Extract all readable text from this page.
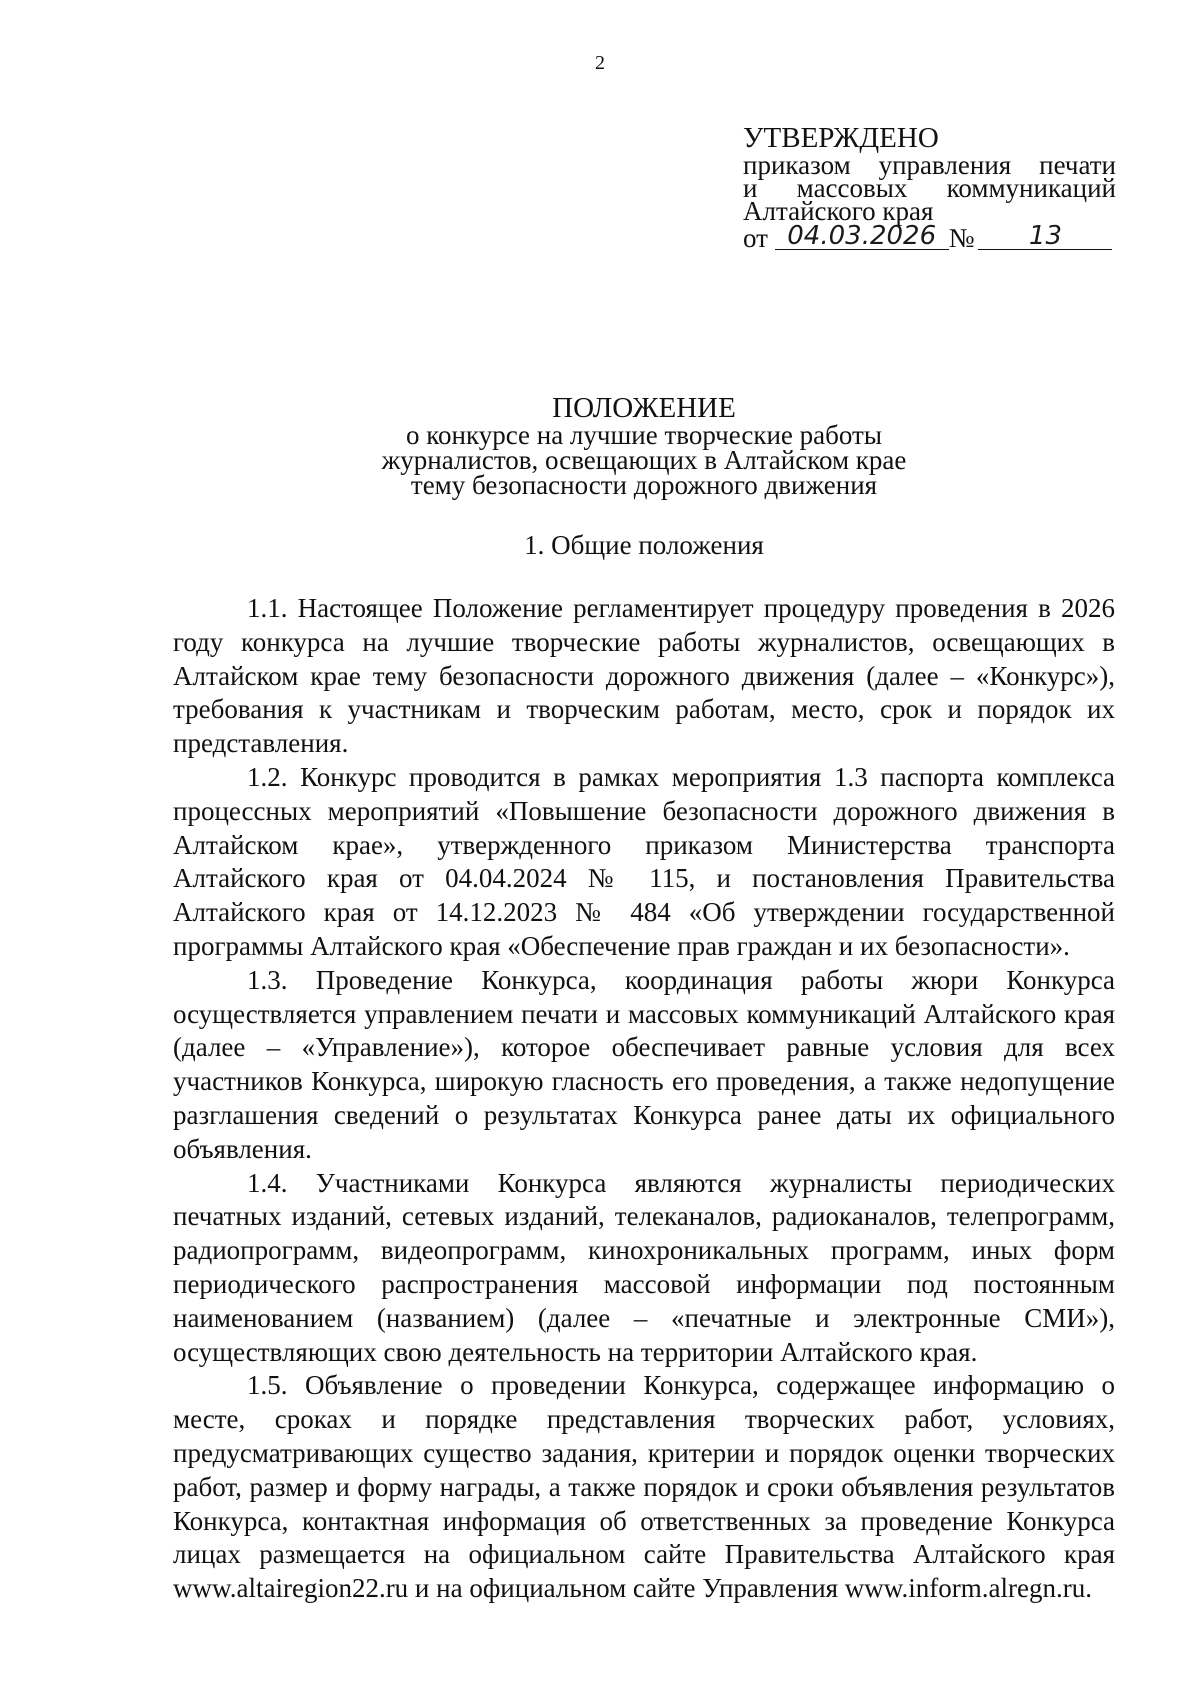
2
УТВЕРЖДЕНО
приказом управления печати
и массовых коммуникаций
Алтайского края
от
04.03.2026 №	13
ПОЛОЖЕНИЕ
о конкурсе на лучшие творческие работы
журналистов, освещающих в Алтайском крае
тему безопасности дорожного движения
1. Общие положения

1.1. Настоящее Положение регламентирует процедуру проведения в 2026 году конкурса на лучшие творческие работы журналистов, освещающих в Алтайском крае тему безопасности дорожного движения (далее – «Конкурс»), требования к участникам и творческим работам, место, срок и порядок их представления.

1.2. Конкурс проводится в рамках мероприятия 1.3 паспорта комплекса процессных мероприятий «Повышение безопасности дорожного движения в Алтайском крае», утвержденного приказом Министерства транспорта Алтайского края от 04.04.2024 № 115, и постановления Правительства Алтайского края от 14.12.2023 № 484 «Об утверждении государственной программы Алтайского края «Обеспечение прав граждан и их безопасности».

1.3. Проведение Конкурса, координация работы жюри Конкурса осуществляется управлением печати и массовых коммуникаций Алтайского края (далее – «Управление»), которое обеспечивает равные условия для всех участников Конкурса, широкую гласность его проведения, а также недопущение разглашения сведений о результатах Конкурса ранее даты их официального объявления.

1.4. Участниками Конкурса являются журналисты периодических печатных изданий, сетевых изданий, телеканалов, радиоканалов, телепрограмм, радиопрограмм, видеопрограмм, кинохроникальных программ, иных форм периодического распространения массовой информации под постоянным наименованием (названием) (далее – «печатные и электронные СМИ»), осуществляющих свою деятельность на территории Алтайского края.

1.5. Объявление о проведении Конкурса, содержащее информацию о месте, сроках и порядке представления творческих работ, условиях, предусматривающих существо задания, критерии и порядок оценки творческих работ, размер и форму награды, а также порядок и сроки объявления результатов Конкурса, контактная информация об ответственных за проведение Конкурса лицах размещается на официальном сайте Правительства Алтайского края www.altairegion22.ru и на официальном сайте Управления www.inform.alregn.ru.
